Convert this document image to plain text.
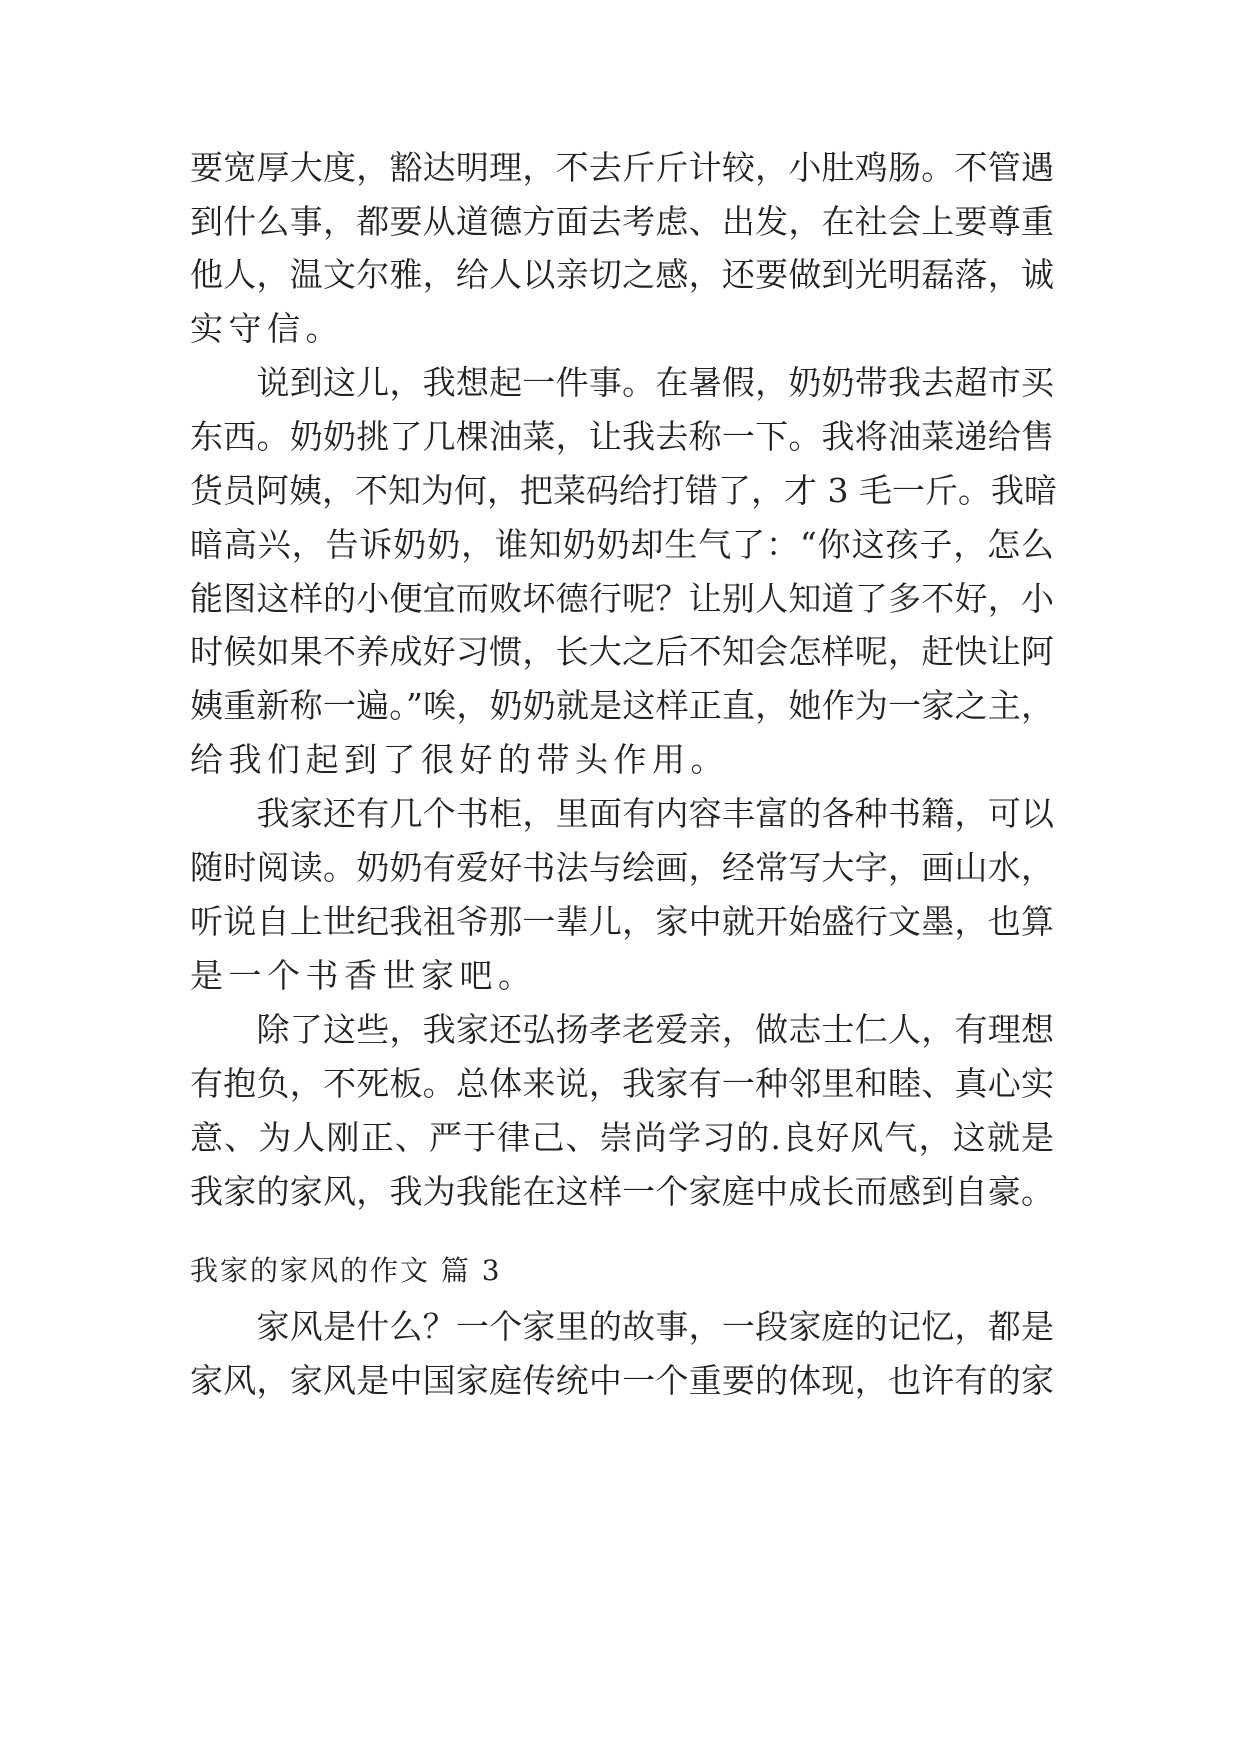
要宽厚大度，豁达明理，不去斤斤计较，小肚鸡肠。不管遇
到什么事，都要从道德方面去考虑、出发，在社会上要尊重
他人，温文尔雅，给人以亲切之感，还要做到光明磊落，诚
实守信。
　　说到这儿，我想起一件事。在暑假，奶奶带我去超市买
东西。奶奶挑了几棵油菜，让我去称一下。我将油菜递给售
货员阿姨，不知为何，把菜码给打错了，才 3 毛一斤。我暗
暗高兴，告诉奶奶，谁知奶奶却生气了：“你这孩子，怎么
能图这样的小便宜而败坏德行呢？让别人知道了多不好，小
时候如果不养成好习惯，长大之后不知会怎样呢，赶快让阿
姨重新称一遍。”唉，奶奶就是这样正直，她作为一家之主，
给我们起到了很好的带头作用。
　　我家还有几个书柜，里面有内容丰富的各种书籍，可以
随时阅读。奶奶有爱好书法与绘画，经常写大字，画山水，
听说自上世纪我祖爷那一辈儿，家中就开始盛行文墨，也算
是一个书香世家吧。
　　除了这些，我家还弘扬孝老爱亲，做志士仁人，有理想
有抱负，不死板。总体来说，我家有一种邻里和睦、真心实
意、为人刚正、严于律己、崇尚学习的.良好风气，这就是
我家的家风，我为我能在这样一个家庭中成长而感到自豪。
我家的家风的作文 篇 3
　　家风是什么？一个家里的故事，一段家庭的记忆，都是
家风，家风是中国家庭传统中一个重要的体现，也许有的家
